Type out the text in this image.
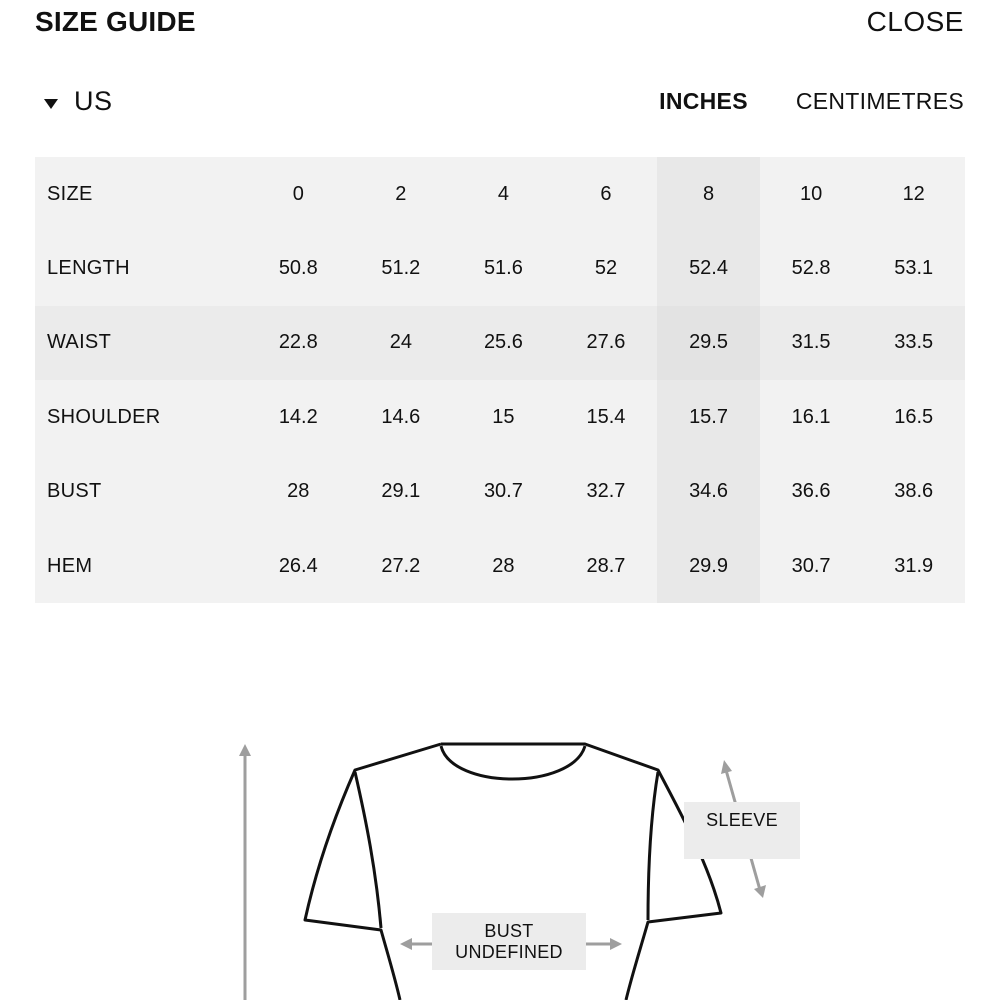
SIZE GUIDE	CLOSE
US	INCHES CENTIMETRES
SIZE	0	2	4	6	8	10	12
LENGTH	50.8	51.2	51.6	52	52.4	52.8	53.1
WAIST	22.8	24	25.6	27.6	29.5	31.5	33.5
SHOULDER	14.2	14.6	15	15.4	15.7	16.1	16.5
BUST	28	29.1	30.7	32.7	34.6	36.6	38.6
HEM	26.4	27.2	28	28.7	29.9	30.7	31.9
SLEEVE
BUST
UNDEFINED
